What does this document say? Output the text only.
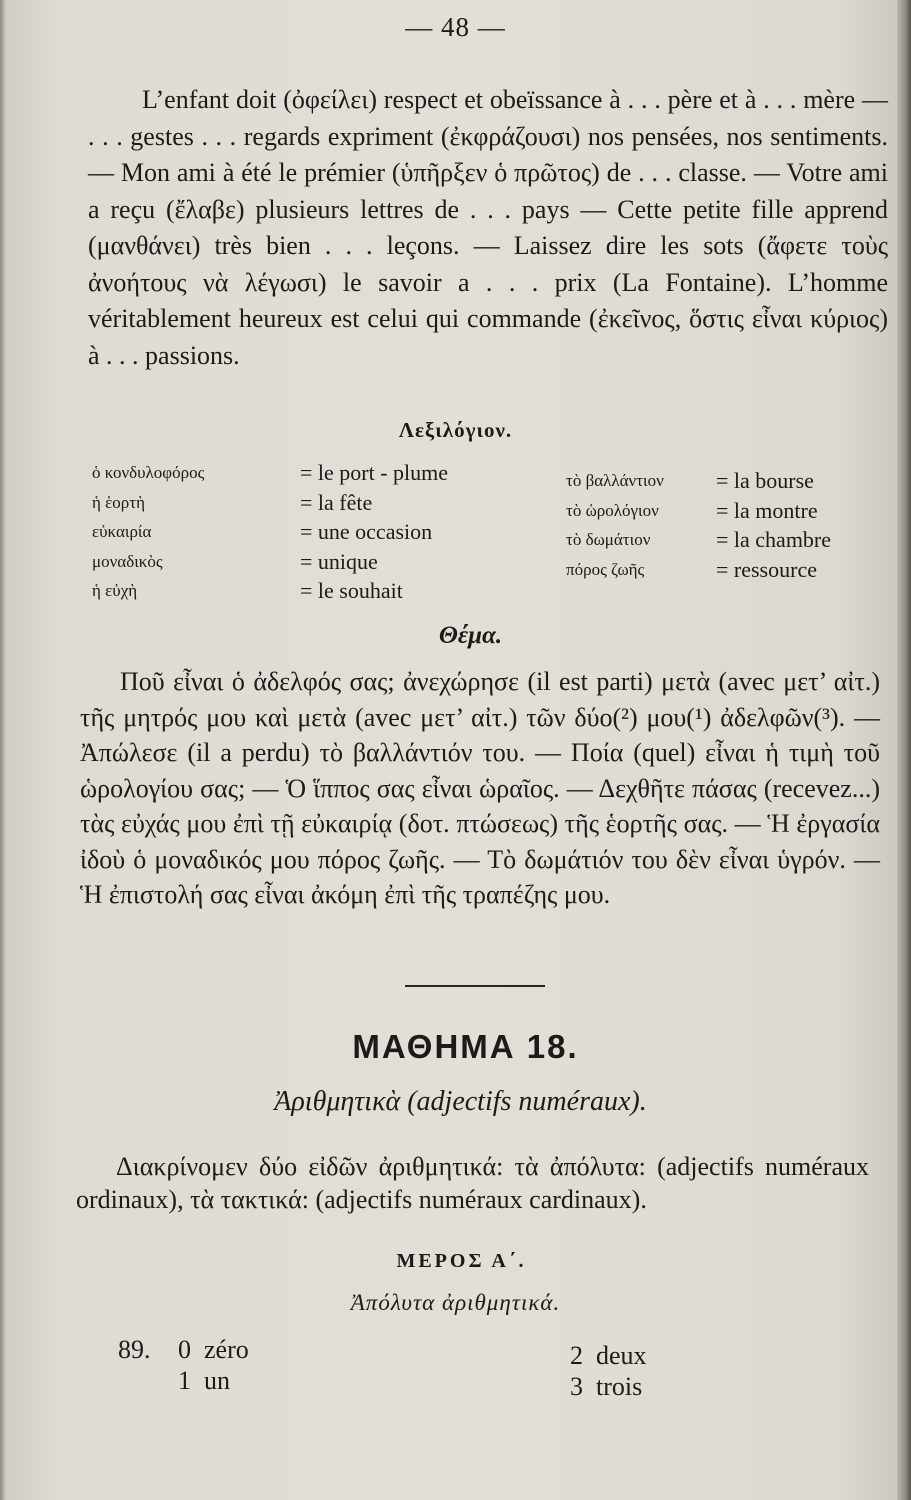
— 48 —

L’enfant doit (ὀφείλει) respect et obeïssance à . . . père et à . . . mère — . . . gestes . . . regards expriment (ἐκφράζουσι) nos pensées, nos sentiments. — Mon ami à été le prémier (ὑπῆρξεν ὁ πρῶτος) de . . . classe. — Votre ami a reçu (ἔλαβε) plusieurs lettres de . . . pays — Cette petite fille apprend (μανθάνει) très bien . . . leçons. — Laissez dire les sots (ἄφετε τοὺς ἀνοήτους νὰ λέγωσι) le savoir a . . . prix (La Fontaine). L’homme véritablement heureux est celui qui commande (ἐκεῖνος, ὅστις εἶναι κύριος) à . . . passions.

Λεξιλόγιον.
ὁ κονδυλοφόρος	= le port - plume
ἡ ἑορτὴ	= la fête
εὐκαιρία	= une occasion
μοναδικὸς	= unique
ἡ εὐχὴ	= le souhait
τὸ βαλλάντιον	= la bourse
τὸ ὡρολόγιον	= la montre
τὸ δωμάτιον	= la chambre
πόρος ζωῆς	= ressource
Θέμα.

Ποῦ εἶναι ὁ ἀδελφός σας; ἀνεχώρησε (il est parti) μετὰ (avec μετ’ αἰτ.) τῆς μητρός μου καὶ μετὰ (avec μετ’ αἰτ.) τῶν δύο(²) μου(¹) ἀδελφῶν(³). — Ἀπώλεσε (il a perdu) τὸ βαλλάντιόν του. — Ποία (quel) εἶναι ἡ τιμὴ τοῦ ὡρολογίου σας; — Ὁ ἵππος σας εἶναι ὡραῖος. — Δεχθῆτε πάσας (recevez...) τὰς εὐχάς μου ἐπὶ τῇ εὐκαιρίᾳ (δοτ. πτώσεως) τῆς ἑορτῆς σας. — Ἡ ἐργασία ἰδοὺ ὁ μοναδικός μου πόρος ζωῆς. — Τὸ δωμάτιόν του δὲν εἶναι ὑγρόν. — Ἡ ἐπιστολή σας εἶναι ἀκόμη ἐπὶ τῆς τραπέζης μου.

ΜΑΘΗΜΑ 18.
Ἀριθμητικὰ (adjectifs numéraux).

Διακρίνομεν δύο εἰδῶν ἀριθμητικά: τὰ ἀπόλυτα: (adjectifs numéraux ordinaux), τὰ τακτικά: (adjectifs numéraux cardinaux).

ΜΕΡΟΣ Α΄.
Ἀπόλυτα ἀριθμητικά.
89.	0 zéro
1 un
2 deux
3 trois
